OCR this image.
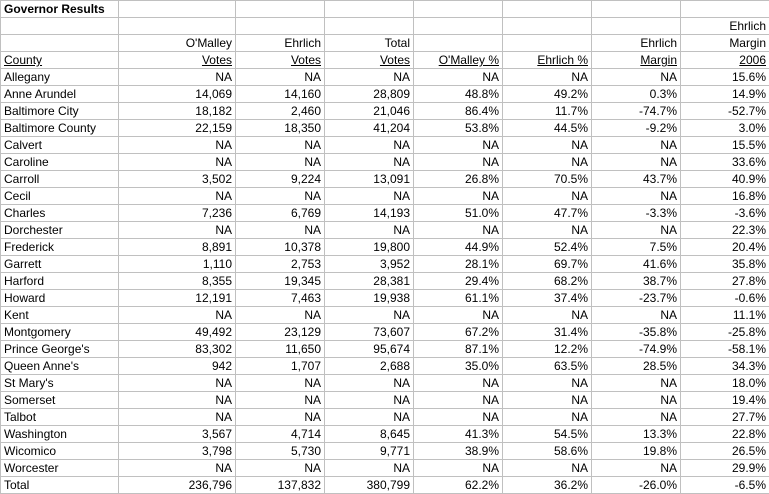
Governor Results							
							Ehrlich
	O'Malley	Ehrlich	Total			Ehrlich	Margin
County	Votes	Votes	Votes	O'Malley %	Ehrlich %	Margin	2006
Allegany	NA	NA	NA	NA	NA	NA	15.6%
Anne Arundel	14,069	14,160	28,809	48.8%	49.2%	0.3%	14.9%
Baltimore City	18,182	2,460	21,046	86.4%	11.7%	-74.7%	-52.7%
Baltimore County	22,159	18,350	41,204	53.8%	44.5%	-9.2%	3.0%
Calvert	NA	NA	NA	NA	NA	NA	15.5%
Caroline	NA	NA	NA	NA	NA	NA	33.6%
Carroll	3,502	9,224	13,091	26.8%	70.5%	43.7%	40.9%
Cecil	NA	NA	NA	NA	NA	NA	16.8%
Charles	7,236	6,769	14,193	51.0%	47.7%	-3.3%	-3.6%
Dorchester	NA	NA	NA	NA	NA	NA	22.3%
Frederick	8,891	10,378	19,800	44.9%	52.4%	7.5%	20.4%
Garrett	1,110	2,753	3,952	28.1%	69.7%	41.6%	35.8%
Harford	8,355	19,345	28,381	29.4%	68.2%	38.7%	27.8%
Howard	12,191	7,463	19,938	61.1%	37.4%	-23.7%	-0.6%
Kent	NA	NA	NA	NA	NA	NA	11.1%
Montgomery	49,492	23,129	73,607	67.2%	31.4%	-35.8%	-25.8%
Prince George's	83,302	11,650	95,674	87.1%	12.2%	-74.9%	-58.1%
Queen Anne's	942	1,707	2,688	35.0%	63.5%	28.5%	34.3%
St Mary's	NA	NA	NA	NA	NA	NA	18.0%
Somerset	NA	NA	NA	NA	NA	NA	19.4%
Talbot	NA	NA	NA	NA	NA	NA	27.7%
Washington	3,567	4,714	8,645	41.3%	54.5%	13.3%	22.8%
Wicomico	3,798	5,730	9,771	38.9%	58.6%	19.8%	26.5%
Worcester	NA	NA	NA	NA	NA	NA	29.9%
Total	236,796	137,832	380,799	62.2%	36.2%	-26.0%	-6.5%
